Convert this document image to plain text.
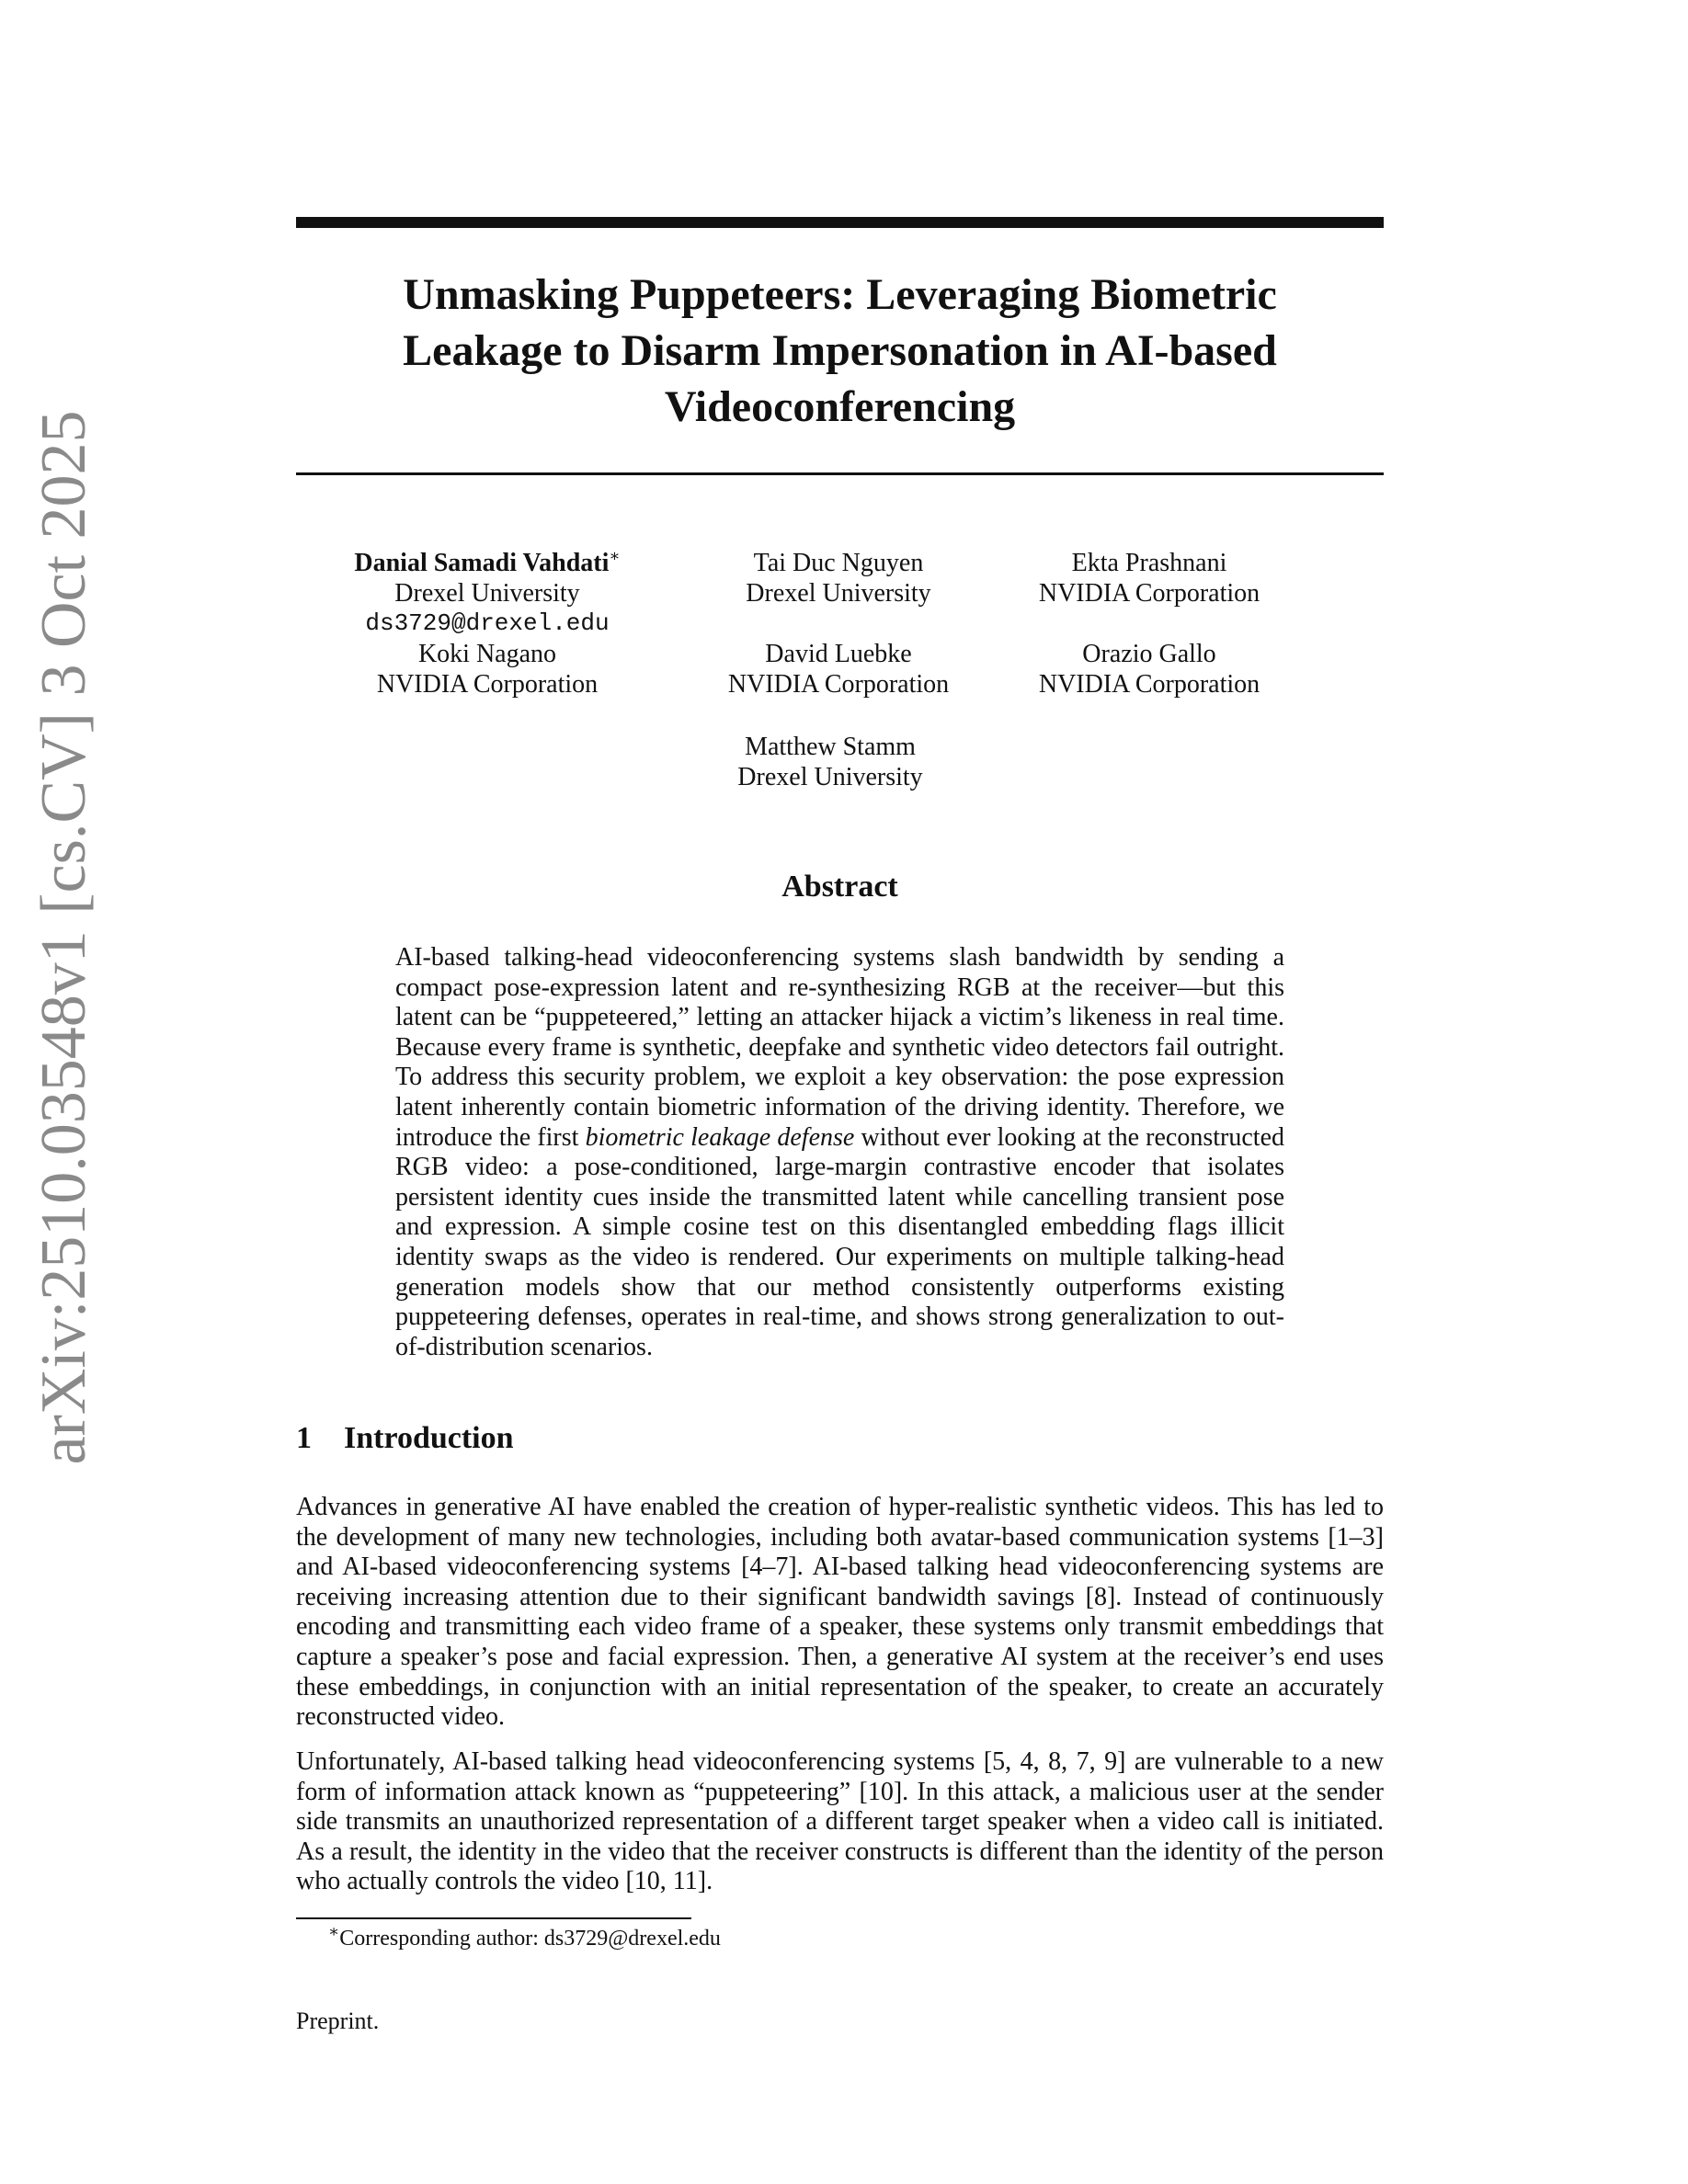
Unmasking Puppeteers: Leveraging Biometric
Leakage to Disarm Impersonation in AI-based
Videoconferencing
Danial Samadi Vahdati∗
Drexel University
ds3729@drexel.edu
Tai Duc Nguyen
Drexel University
Ekta Prashnani
NVIDIA Corporation
Koki Nagano
NVIDIA Corporation
David Luebke
NVIDIA Corporation
Orazio Gallo
NVIDIA Corporation
Matthew Stamm
Drexel University
Abstract
AI-based talking-head videoconferencing systems slash bandwidth by sending a compact pose-expression latent and re-synthesizing RGB at the receiver—but this latent can be “puppeteered,” letting an attacker hijack a victim’s likeness in real time. Because every frame is synthetic, deepfake and synthetic video detectors fail outright. To address this security problem, we exploit a key observation: the pose expression latent inherently contain biometric information of the driving identity. Therefore, we introduce the first biometric leakage defense without ever looking at the reconstructed RGB video: a pose-conditioned, large-margin contrastive encoder that isolates persistent identity cues inside the transmitted latent while cancelling transient pose and expression. A simple cosine test on this disentangled embedding flags illicit identity swaps as the video is rendered. Our experiments on multiple talking-head generation models show that our method consistently outperforms existing puppeteering defenses, operates in real-time, and shows strong generalization to out-of-distribution scenarios.
1 Introduction
Advances in generative AI have enabled the creation of hyper-realistic synthetic videos. This has led to the development of many new technologies, including both avatar-based communication systems [1–3] and AI-based videoconferencing systems [4–7]. AI-based talking head videoconferencing systems are receiving increasing attention due to their significant bandwidth savings [8]. Instead of continuously encoding and transmitting each video frame of a speaker, these systems only transmit embeddings that capture a speaker’s pose and facial expression. Then, a generative AI system at the receiver’s end uses these embeddings, in conjunction with an initial representation of the speaker, to create an accurately reconstructed video.
Unfortunately, AI-based talking head videoconferencing systems [5, 4, 8, 7, 9] are vulnerable to a new form of information attack known as “puppeteering” [10]. In this attack, a malicious user at the sender side transmits an unauthorized representation of a different target speaker when a video call is initiated. As a result, the identity in the video that the receiver constructs is different than the identity of the person who actually controls the video [10, 11].
∗Corresponding author: ds3729@drexel.edu
Preprint.
arXiv:2510.03548v1 [cs.CV] 3 Oct 2025
